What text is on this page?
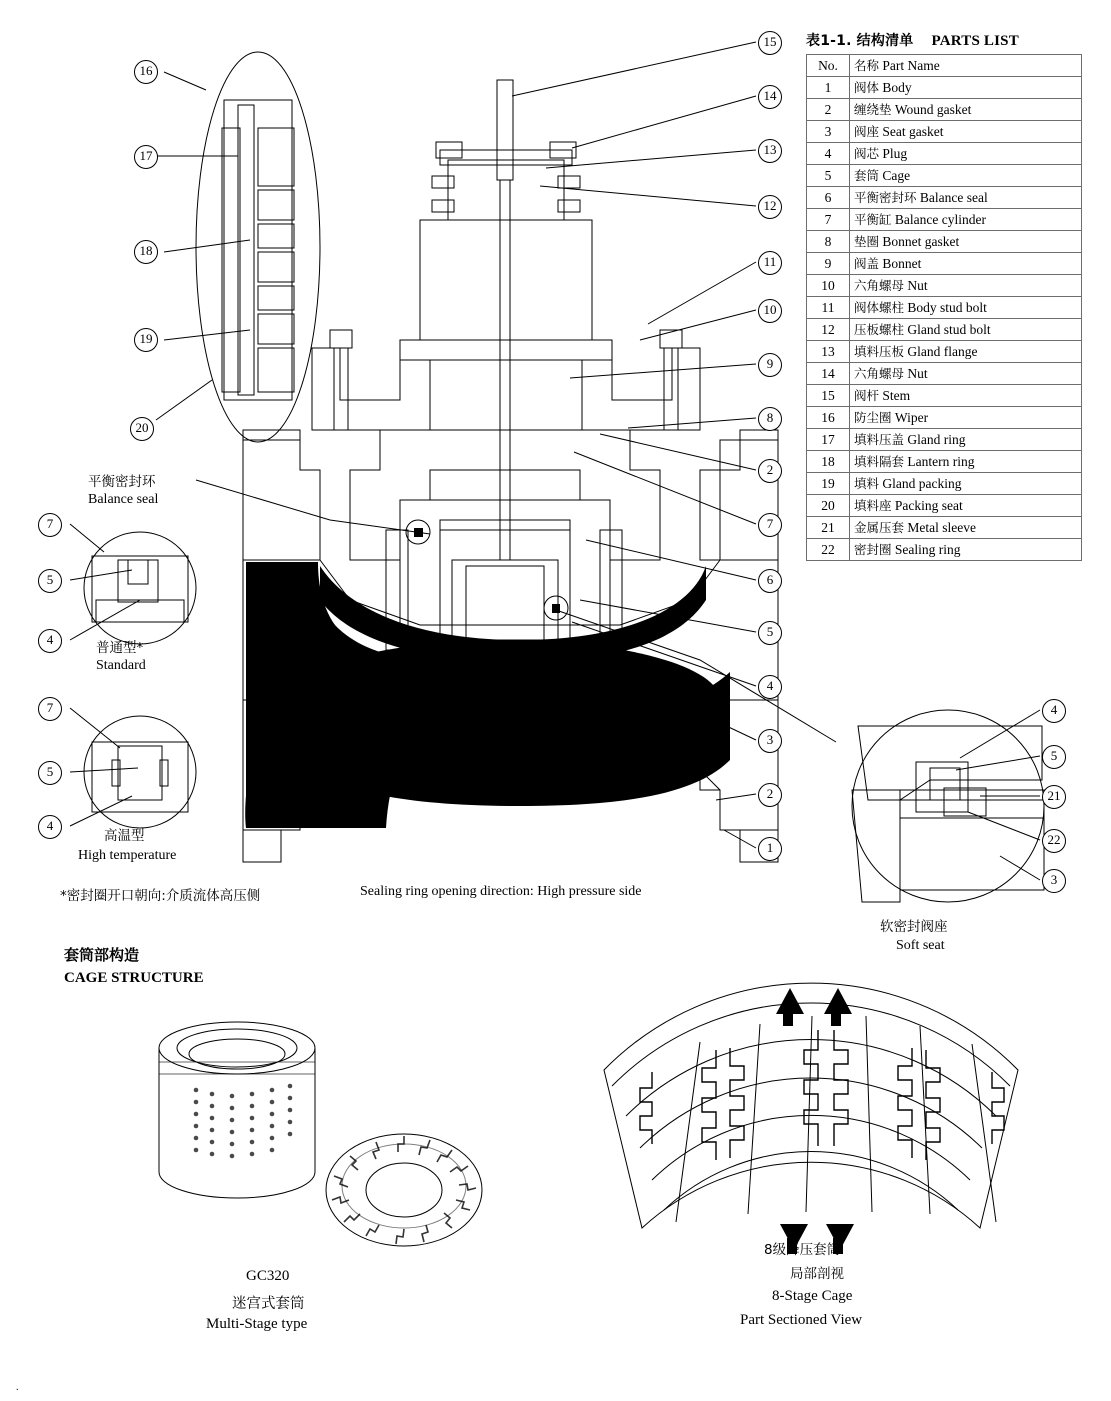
表1-1. 结构清单 PARTS LIST
No.	名称 Part Name
1	阀体 Body
2	缠绕垫 Wound gasket
3	阀座 Seat gasket
4	阀芯 Plug
5	套筒 Cage
6	平衡密封环 Balance seal
7	平衡缸 Balance cylinder
8	垫圈 Bonnet gasket
9	阀盖 Bonnet
10	六角螺母 Nut
11	阀体螺柱 Body stud bolt
12	压板螺柱 Gland stud bolt
13	填料压板 Gland flange
14	六角螺母 Nut
15	阀杆 Stem
16	防尘圈 Wiper
17	填料压盖 Gland ring
18	填料隔套 Lantern ring
19	填料 Gland packing
20	填料座 Packing seat
21	金属压套 Metal sleeve
22	密封圈 Sealing ring
16
17
18
19
20
15
14
13
12
11
10
9
8
2
7
6
5
4
3
2
1
7
5
4
7
5
4
4
5
21
22
3
平衡密封环
Balance seal
普通型*
Standard
高温型
High temperature
*密封圈开口朝向:介质流体高压侧	Sealing ring opening direction: High pressure side
软密封阀座
Soft seat
套筒部构造
CAGE STRUCTURE
GC320
迷宫式套筒
Multi-Stage type
8级降压套筒
局部剖视
8-Stage Cage
Part Sectioned View
.
